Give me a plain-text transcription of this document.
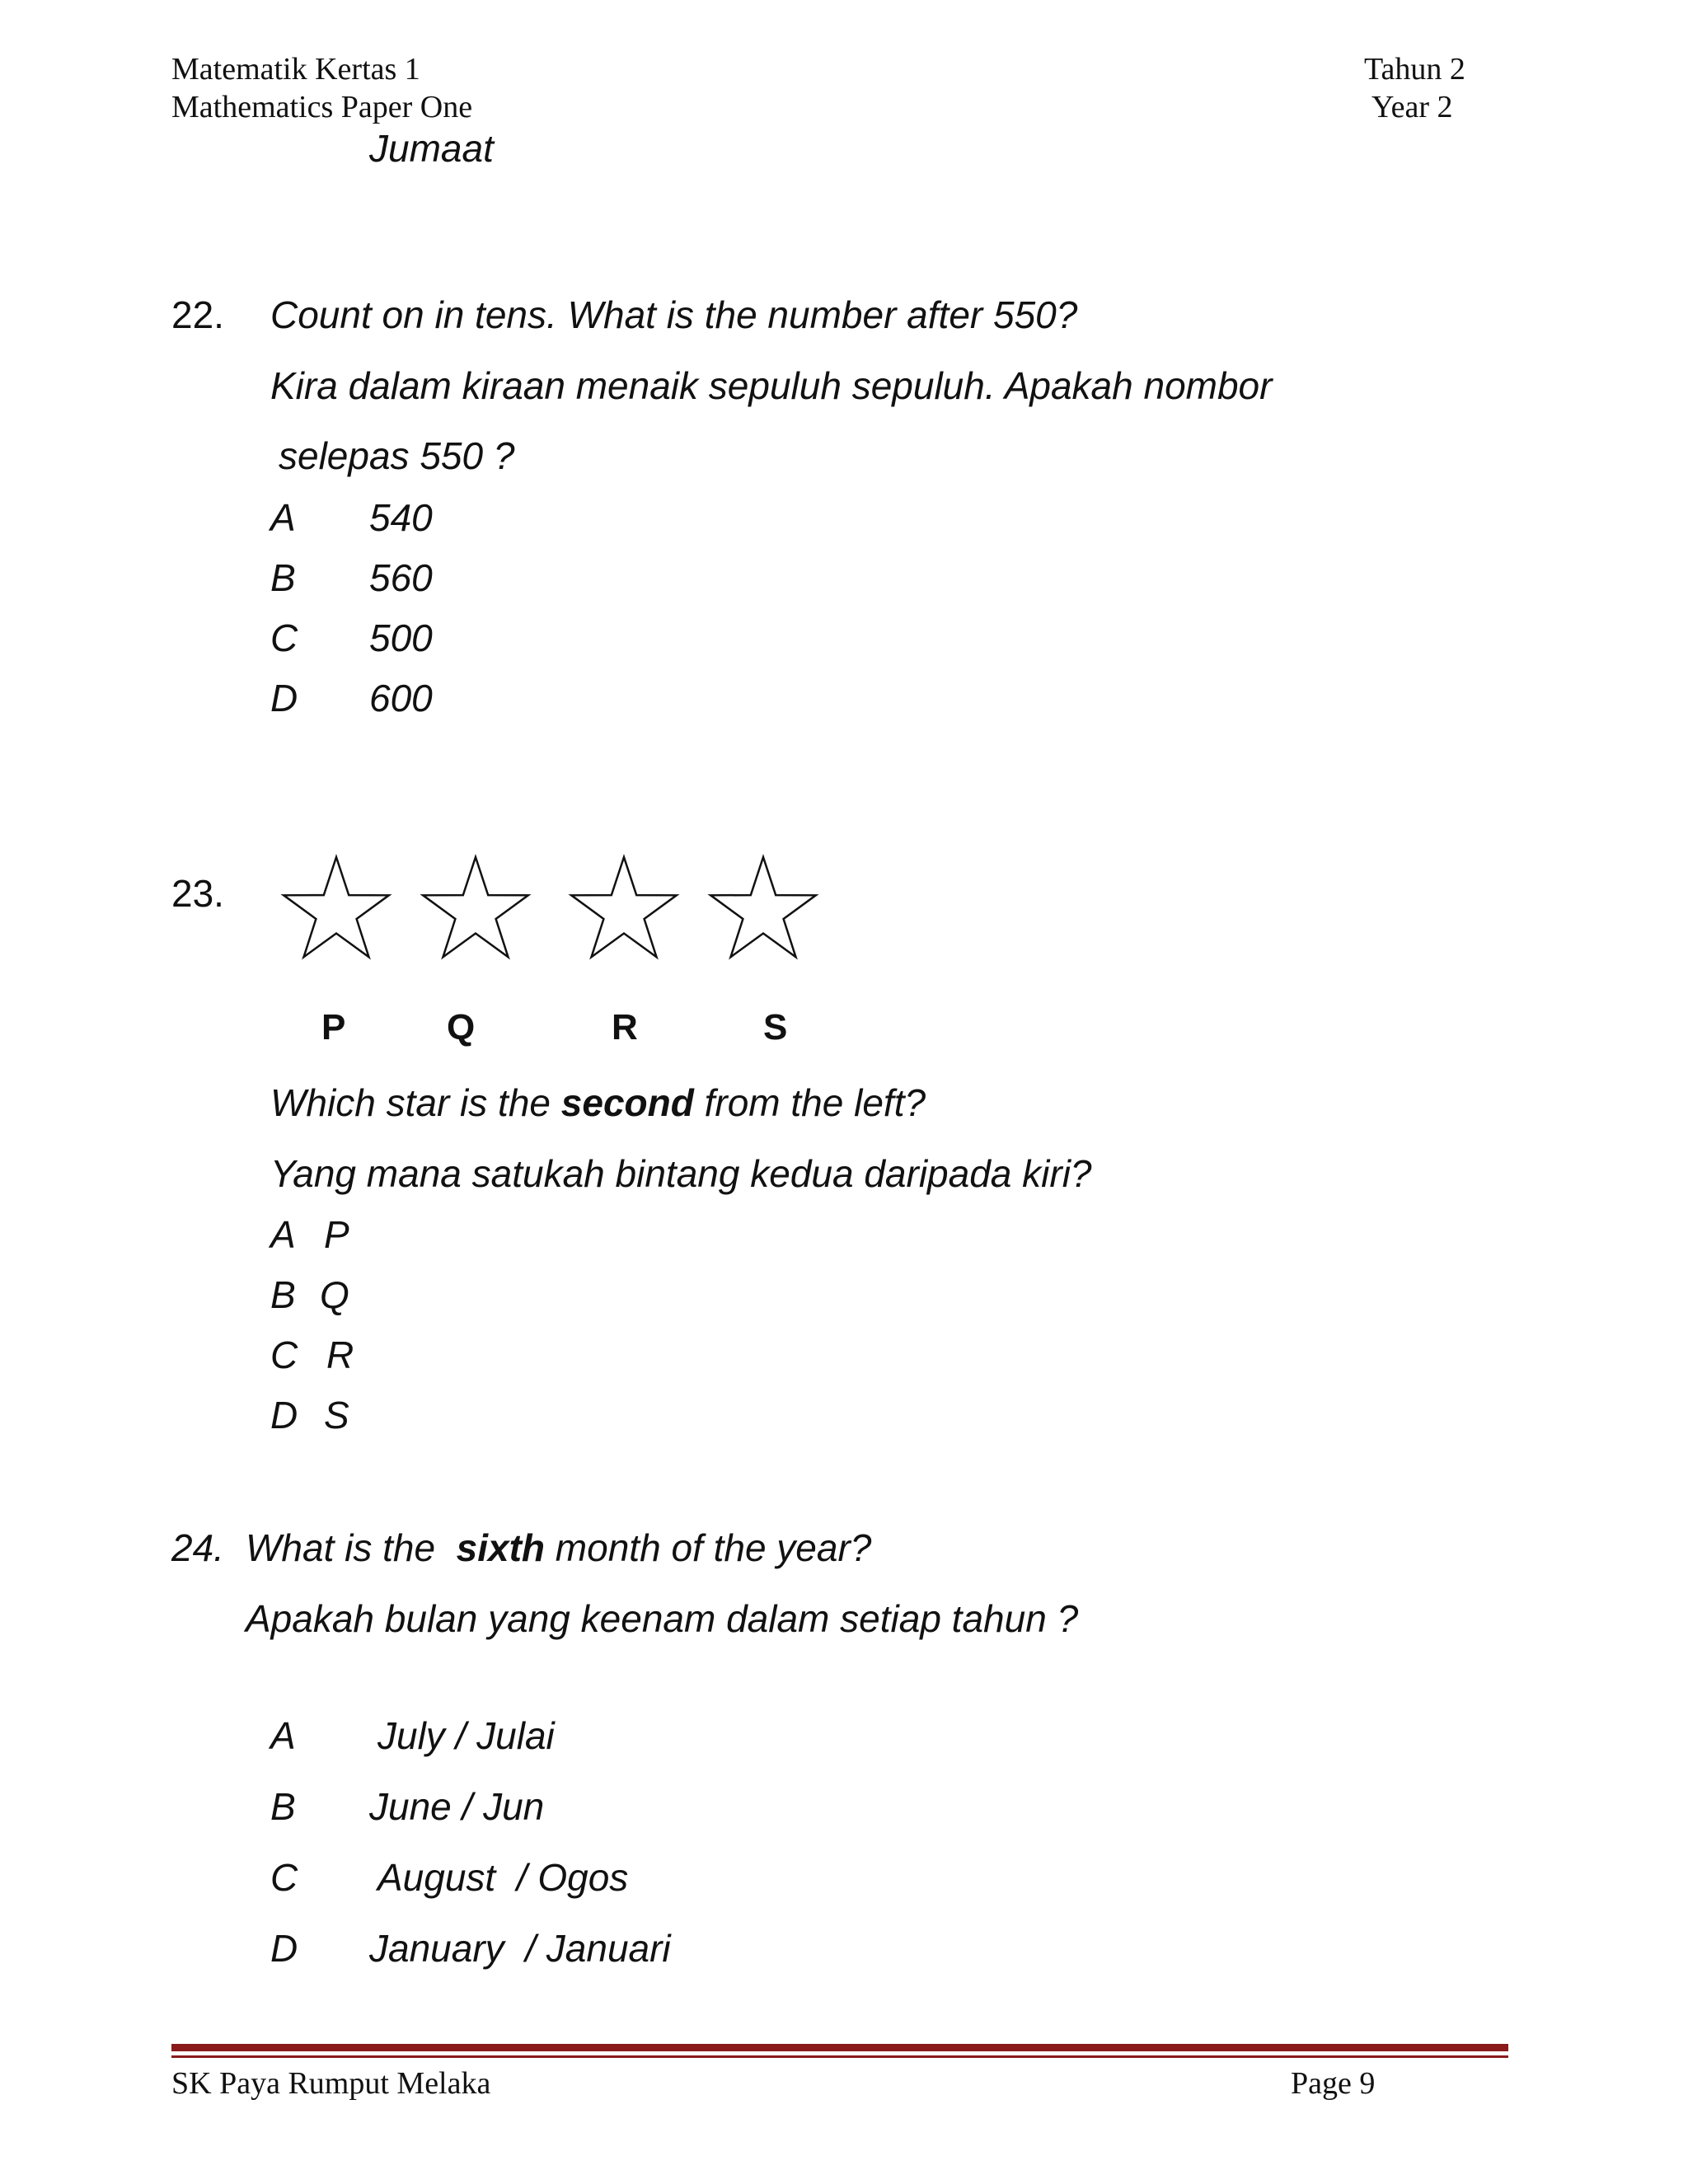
Matematik Kertas 1
Mathematics Paper One
Tahun 2
Year 2
Jumaat
22. Count on in tens. What is the number after 550?
Kira dalam kiraan menaik sepuluh sepuluh. Apakah nombor
selepas 550 ?
A 540
B 560
C 500
D 600
23.
P	Q	R	S
Which star is the second from the left?
Yang mana satukah bintang kedua daripada kiri?
A P
B Q
C R
D S
24. What is the  sixth month of the year?
Apakah bulan yang keenam dalam setiap tahun ?
A July / Julai
B June / Jun
C August  / Ogos
D January  / Januari
SK Paya Rumput Melaka	Page 9
